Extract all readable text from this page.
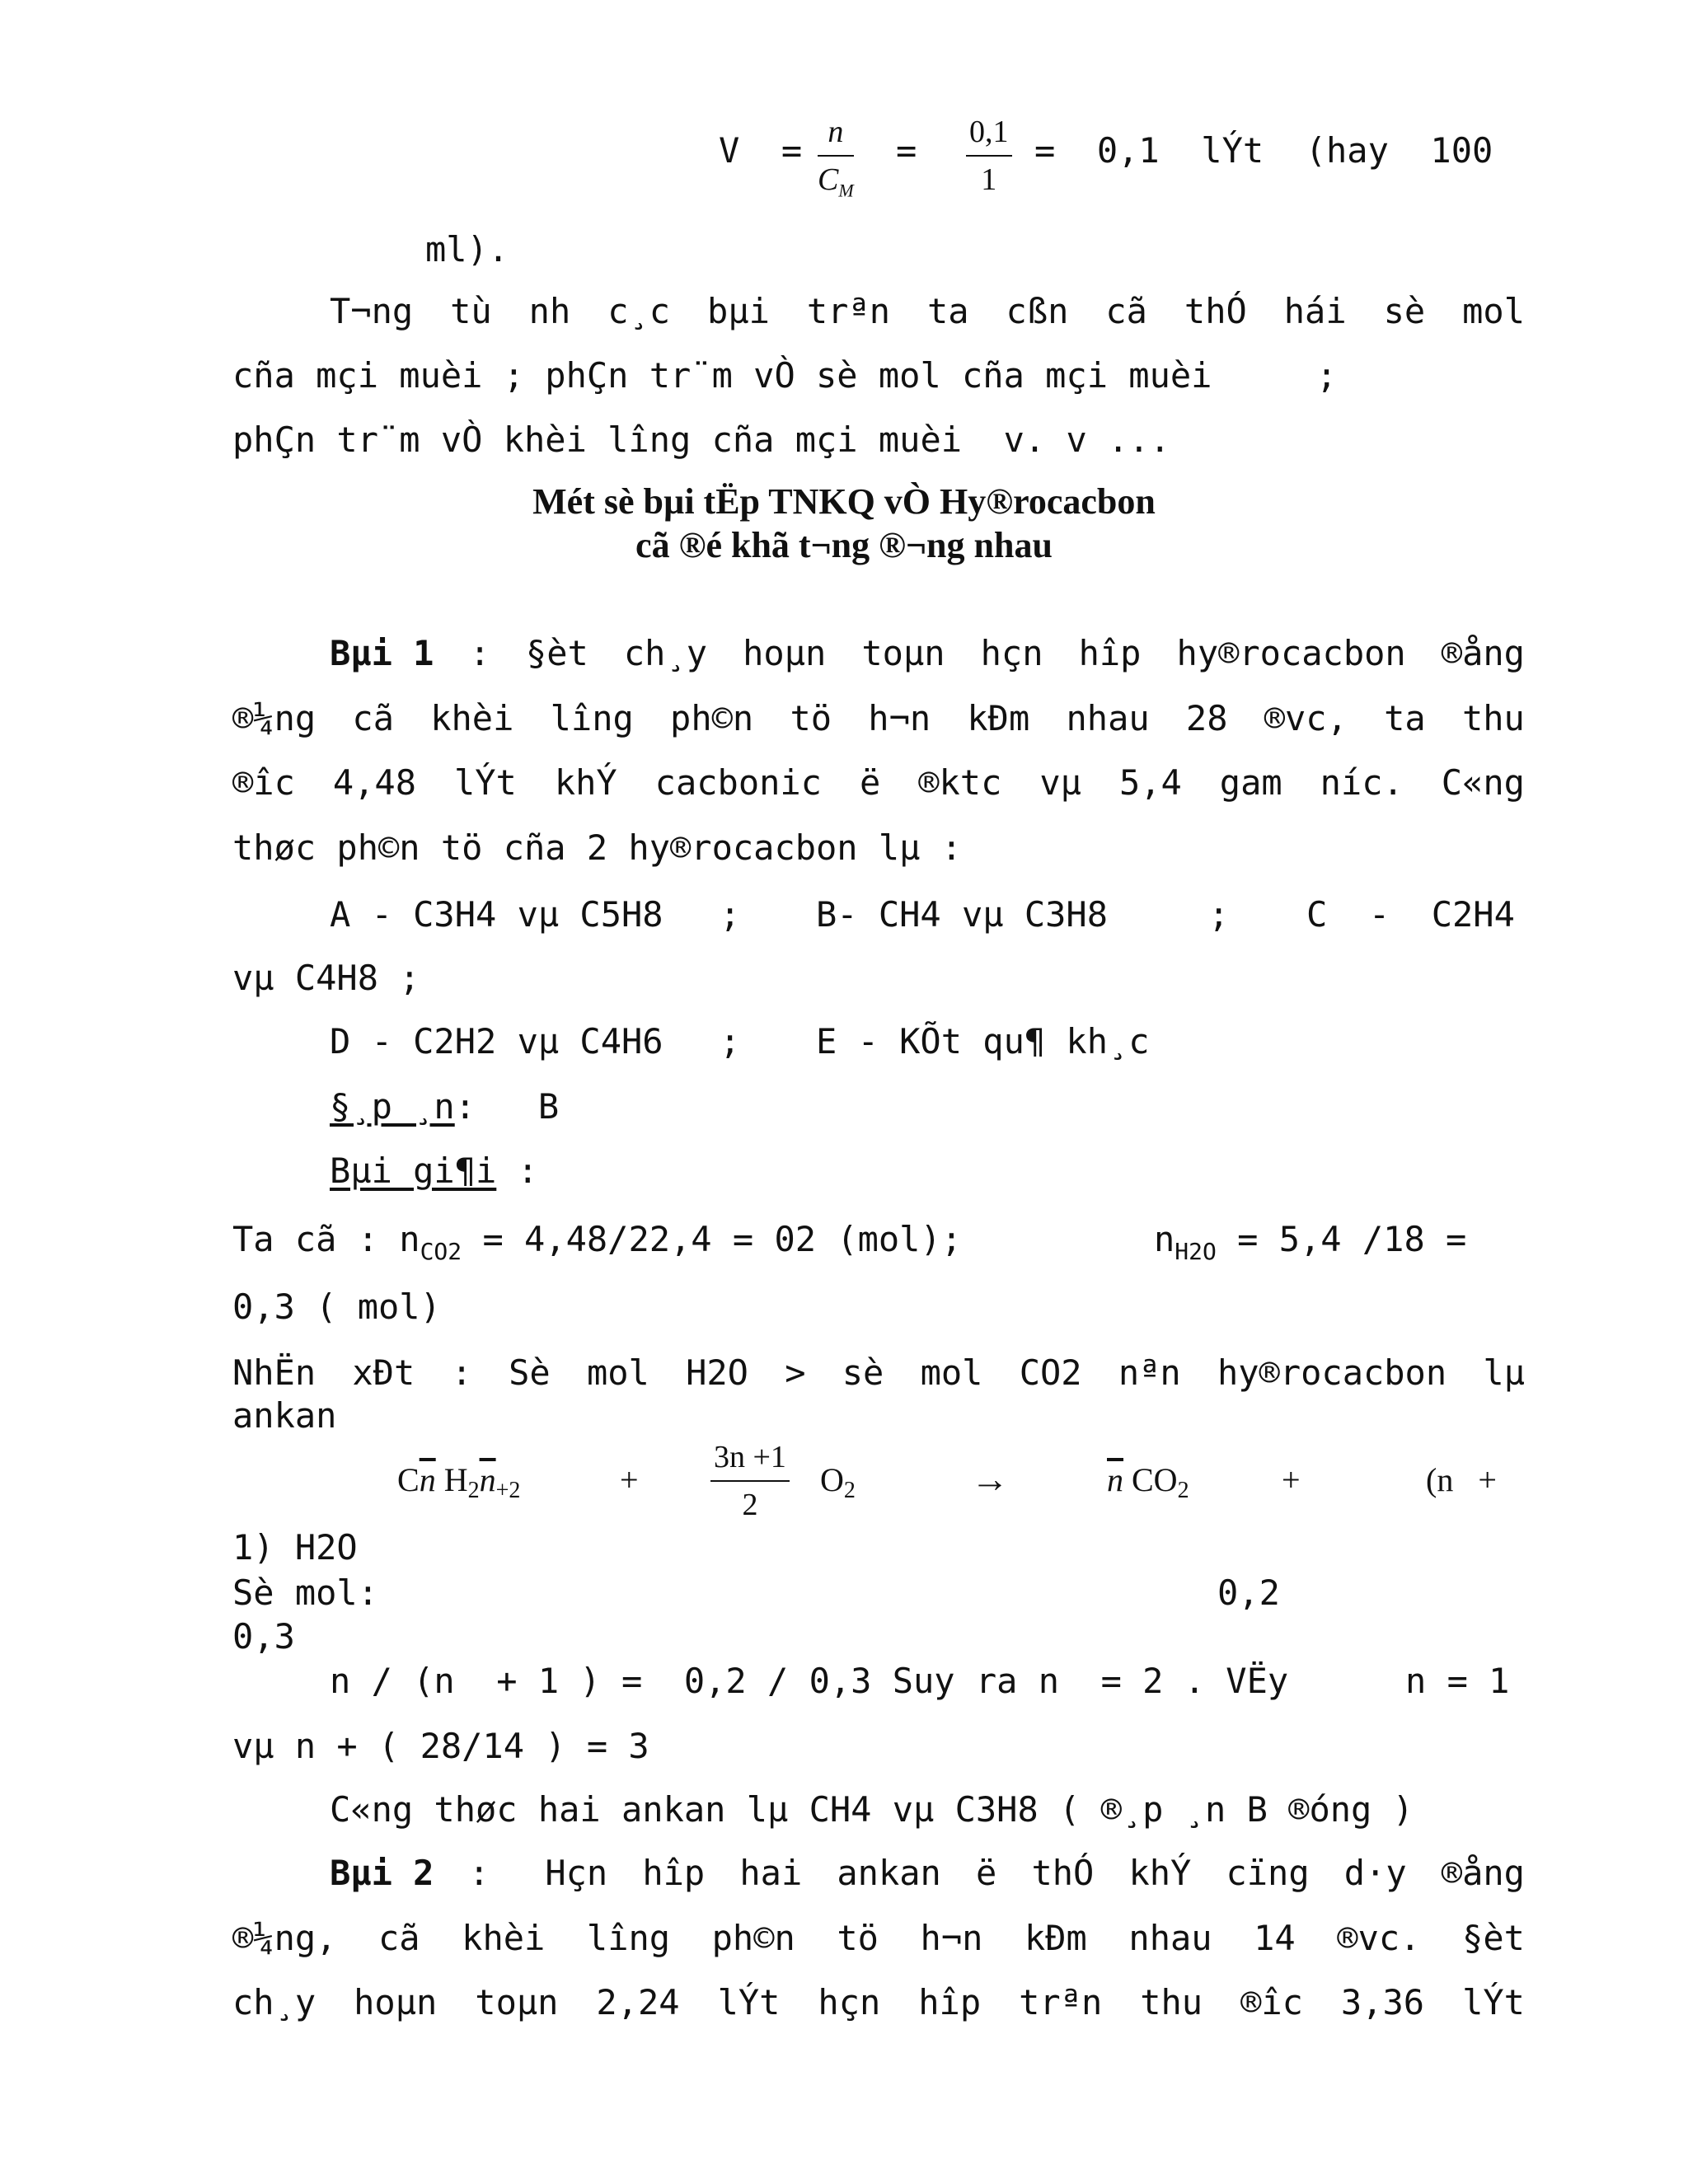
V  = n
$C_M$
= 0,1
1
=  0,1  lÝt  (hay  100
ml).
T¬ng tù nh c¸c bµi trªn ta cßn cã thÓ hái sè mol
cña mçi muèi ; phÇn tr¨m vÒ sè mol cña mçi muèi     ;
phÇn tr¨m vÒ khèi lîng cña mçi muèi  v. v ...
Mét sè bµi tËp TNKQ vÒ Hy®rocacbon
cã ®é khã t¬ng ®¬ng nhau
Bµi 1 : §èt ch¸y hoµn toµn hçn hîp hy®rocacbon ®ång
®¼ng cã khèi lîng ph©n tö h¬n kÐm nhau 28 ®vc, ta thu
®îc 4,48 lÝt khÝ cacbonic ë ®ktc vµ 5,4 gam níc. C«ng
thøc ph©n tö cña 2 hy®rocacbon lµ :
A - C3H4 vµ C5H8 ; B- CH4 vµ C3H8	; C  -  C2H4
vµ C4H8 ;
D - C2H2 vµ C4H6 ; E - KÕt qu¶ kh¸c
§¸p ¸n: B
Bµi gi¶i :
Ta cã : $n_{CO2} = 4,48/22,4 = 02$ (mol);	$n_{H2O} = 5,4$ /18 =
0,3 ( mol)
NhËn xÐt : Sè mol H2O > sè mol CO2 nªn hy®rocacbon lµ
ankan
$C\overline{n}$ $H_2\overline{n}_{+2}$	+
3n +1
2
$O_2$	→	$\overline{n}$ $CO_2$	+	(n   +
1) H2O
Sè mol:	0,2
0,3
n / (n  + 1 ) =  0,2 / 0,3 Suy ra n  = 2 . VËy	n = 1
vµ n + ( 28/14 ) = 3
C«ng thøc hai ankan lµ CH4 vµ C3H8 ( ®¸p ¸n B ®óng )
Bµi 2 : Hçn hîp hai ankan ë thÓ khÝ cïng d·y ®ång
®¼ng, cã khèi lîng ph©n tö h¬n kÐm nhau 14 ®vc. §èt
ch¸y hoµn toµn 2,24 lÝt hçn hîp trªn thu ®îc 3,36 lÝt
